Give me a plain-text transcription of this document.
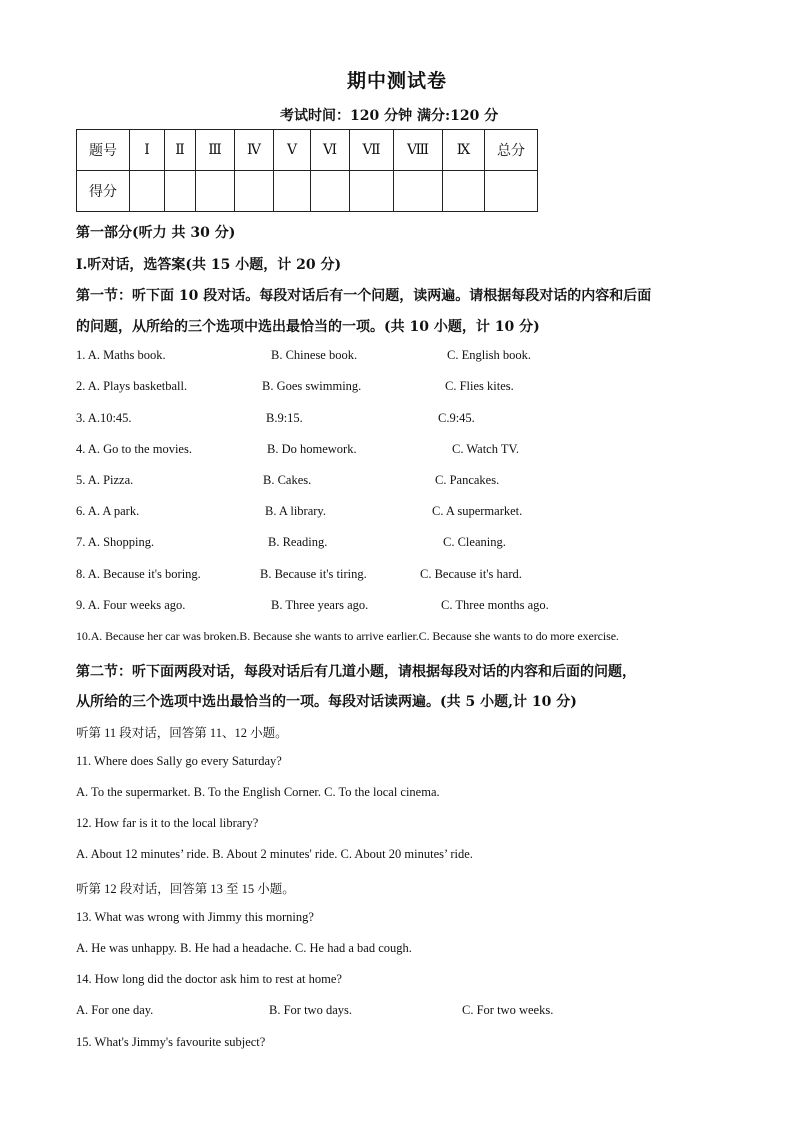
期中测试卷
考试时间：120 分钟 满分:120 分
题号	Ⅰ	Ⅱ	Ⅲ	Ⅳ	Ⅴ	Ⅵ	Ⅶ	Ⅷ	Ⅸ	总分
得分										
第一部分(听力 共 30 分)
Ⅰ.听对话，选答案(共 15 小题，计 20 分)
第一节：听下面 10 段对话。每段对话后有一个问题，读两遍。请根据每段对话的内容和后面
的问题，从所给的三个选项中选出最恰当的一项。(共 10 小题，计 10 分)
1. A. Maths book.	B. Chinese book.	C. English book.
2. A. Plays basketball.	B. Goes swimming.	C. Flies kites.
3. A.10:45.	B.9:15.	C.9:45.
4. A. Go to the movies.	B. Do homework.	C. Watch TV.
5. A. Pizza.	B. Cakes.	C. Pancakes.
6. A. A park.	B. A library.	C. A supermarket.
7. A. Shopping.	B. Reading.	C. Cleaning.
8. A. Because it's boring.	B. Because it's tiring.	C. Because it's hard.
9. A. Four weeks ago.	B. Three years ago.	C. Three months ago.
10.A. Because her car was broken.B. Because she wants to arrive earlier.C. Because she wants to do more exercise.
第二节：听下面两段对话，每段对话后有几道小题，请根据每段对话的内容和后面的问题，
从所给的三个选项中选出最恰当的一项。每段对话读两遍。(共 5 小题,计 10 分)
听第 11 段对话，回答第 11、12 小题。
11. Where does Sally go every Saturday?
A. To the supermarket. B. To the English Corner. C. To the local cinema.
12. How far is it to the local library?
A. About 12 minutes’ ride. B. About 2 minutes' ride. C. About 20 minutes’ ride.
听第 12 段对话，回答第 13 至 15 小题。
13. What was wrong with Jimmy this morning?
A. He was unhappy. B. He had a headache. C. He had a bad cough.
14. How long did the doctor ask him to rest at home?
A. For one day.	B. For two days.	C. For two weeks.
15. What's Jimmy's favourite subject?
